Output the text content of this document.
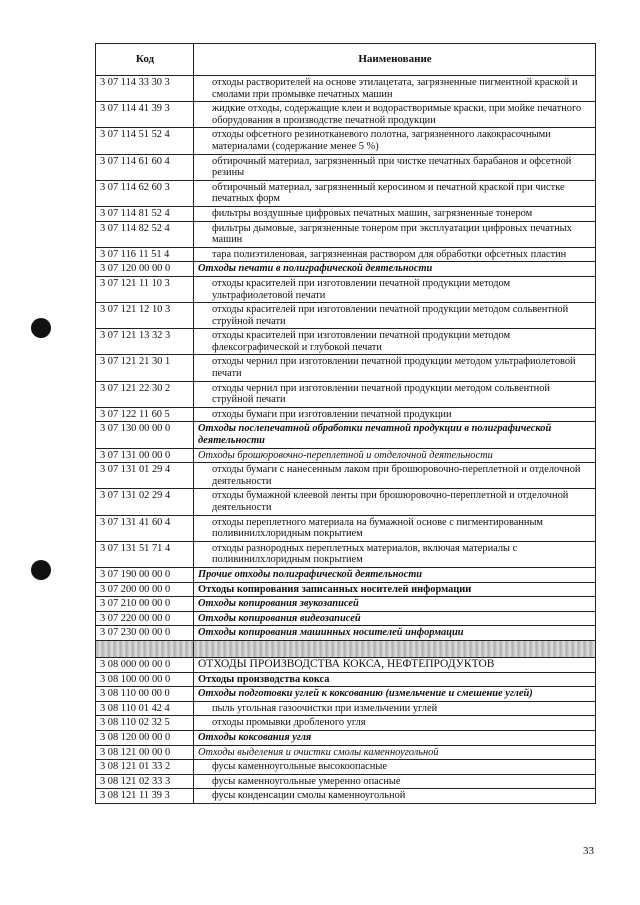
Код	Наименование
3 07 114 33 30 3	отходы растворителей на основе этилацетата, загрязненные пигментной краской и смолами при промывке печатных машин
3 07 114 41 39 3	жидкие отходы, содержащие клеи и водорастворимые краски, при мойке печатного оборудования в производстве печатной продукции
3 07 114 51 52 4	отходы офсетного резинотканевого полотна, загрязненного лакокрасочными материалами (содержание менее 5 %)
3 07 114 61 60 4	обтирочный материал, загрязненный при чистке печатных барабанов и офсетной резины
3 07 114 62 60 3	обтирочный материал, загрязненный керосином и печатной краской при чистке печатных форм
3 07 114 81 52 4	фильтры воздушные цифровых печатных машин, загрязненные тонером
3 07 114 82 52 4	фильтры дымовые, загрязненные тонером при эксплуатации цифровых печатных машин
3 07 116 11 51 4	тара полиэтиленовая, загрязненная раствором для обработки офсетных пластин
3 07 120 00 00 0	Отходы печати в полиграфической деятельности
3 07 121 11 10 3	отходы красителей при изготовлении печатной продукции методом ультрафиолетовой печати
3 07 121 12 10 3	отходы красителей при изготовлении печатной продукции методом сольвентной струйной печати
3 07 121 13 32 3	отходы красителей при изготовлении печатной продукции методом флексографической и глубокой печати
3 07 121 21 30 1	отходы чернил при изготовлении печатной продукции методом ультрафиолетовой печати
3 07 121 22 30 2	отходы чернил при изготовлении печатной продукции методом сольвентной струйной печати
3 07 122 11 60 5	отходы бумаги при изготовлении печатной продукции
3 07 130 00 00 0	Отходы послепечатной обработки печатной продукции в полиграфической деятельности
3 07 131 00 00 0	Отходы брошюровочно-переплетной и отделочной деятельности
3 07 131 01 29 4	отходы бумаги с нанесенным лаком при брошюровочно-переплетной и отделочной деятельности
3 07 131 02 29 4	отходы бумажной клеевой ленты при брошюровочно-переплетной и отделочной деятельности
3 07 131 41 60 4	отходы переплетного материала на бумажной основе с пигментированным поливинилхлоридным покрытием
3 07 131 51 71 4	отходы разнородных переплетных материалов, включая материалы с поливинилхлоридным покрытием
3 07 190 00 00 0	Прочие отходы полиграфической деятельности
3 07 200 00 00 0	Отходы копирования записанных носителей информации
3 07 210 00 00 0	Отходы копирования звукозаписей
3 07 220 00 00 0	Отходы копирования видеозаписей
3 07 230 00 00 0	Отходы копирования машинных носителей информации

3 08 000 00 00 0	ОТХОДЫ ПРОИЗВОДСТВА КОКСА, НЕФТЕПРОДУКТОВ
3 08 100 00 00 0	Отходы производства кокса
3 08 110 00 00 0	Отходы подготовки углей к коксованию (измельчение и смешение углей)
3 08 110 01 42 4	пыль угольная газоочистки при измельчении углей
3 08 110 02 32 5	отходы промывки дробленого угля
3 08 120 00 00 0	Отходы коксования угля
3 08 121 00 00 0	Отходы выделения и очистки смолы каменноугольной
3 08 121 01 33 2	фусы каменноугольные высокоопасные
3 08 121 02 33 3	фусы каменноугольные умеренно опасные
3 08 121 11 39 3	фусы конденсации смолы каменноугольной
33
